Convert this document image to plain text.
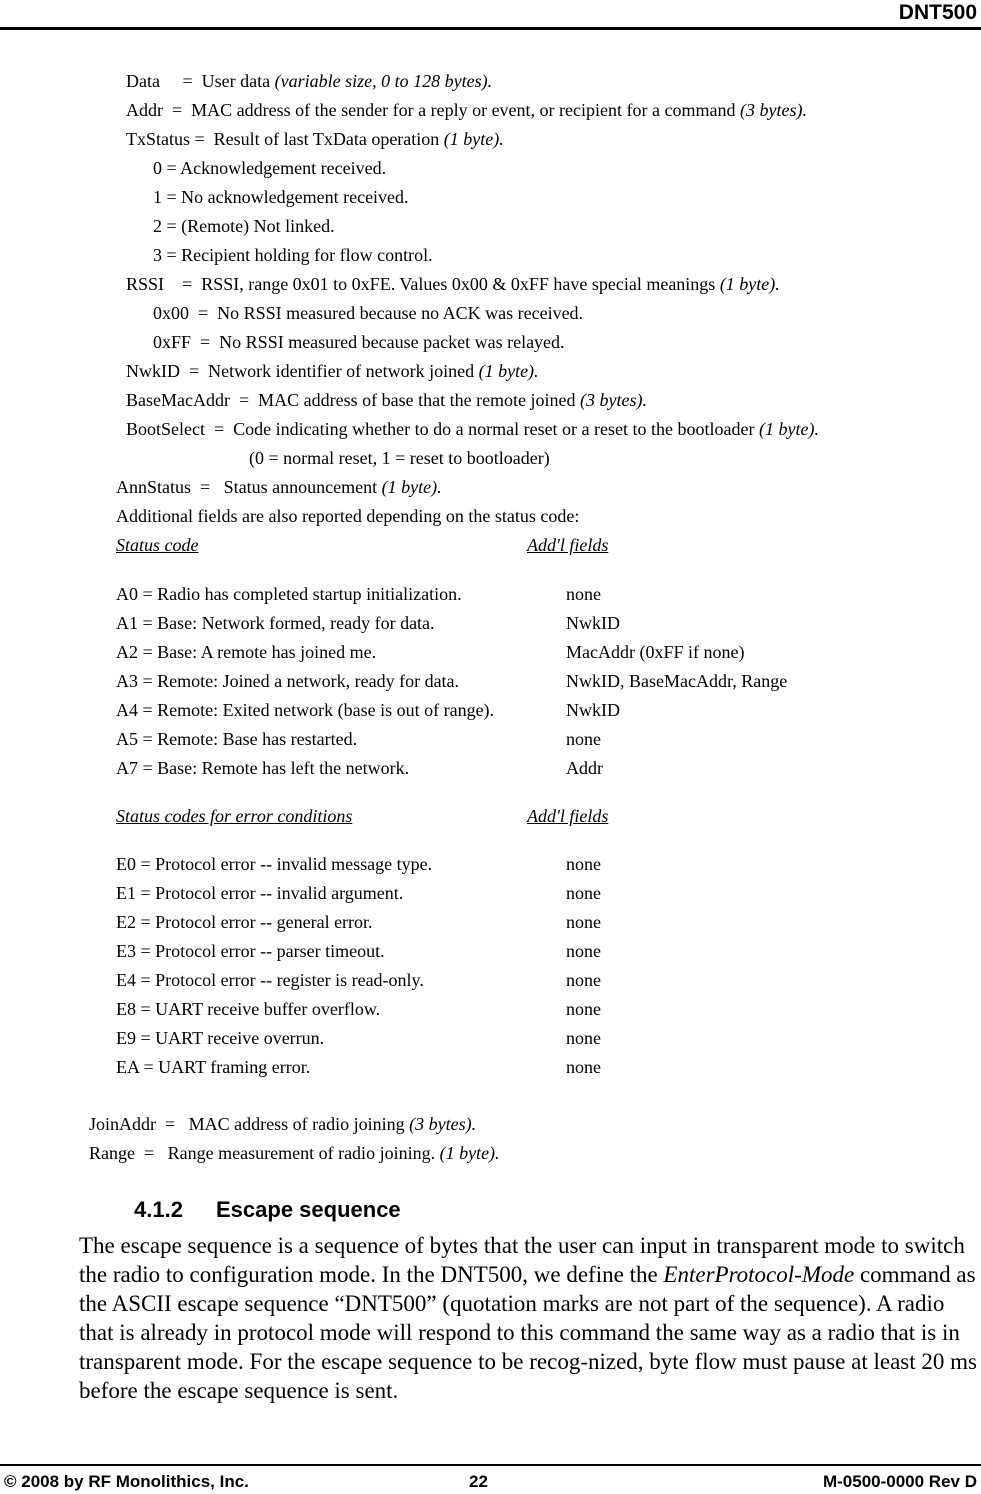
DNT500
Data     =  User data (variable size, 0 to 128 bytes).
Addr  =  MAC address of the sender for a reply or event, or recipient for a command (3 bytes).
TxStatus =  Result of last TxData operation (1 byte).
0 = Acknowledgement received.
1 = No acknowledgement received.
2 = (Remote) Not linked.
3 = Recipient holding for flow control.
RSSI    =  RSSI, range 0x01 to 0xFE. Values 0x00 & 0xFF have special meanings (1 byte).
0x00  =  No RSSI measured because no ACK was received.
0xFF  =  No RSSI measured because packet was relayed.
NwkID  =  Network identifier of network joined (1 byte).
BaseMacAddr  =  MAC address of base that the remote joined (3 bytes).
BootSelect  =  Code indicating whether to do a normal reset or a reset to the bootloader (1 byte).
(0 = normal reset, 1 = reset to bootloader)
AnnStatus  =   Status announcement (1 byte).
Additional fields are also reported depending on the status code:
Status code	Add'l fields
A0 = Radio has completed startup initialization.	none
A1 = Base: Network formed, ready for data.	NwkID
A2 = Base: A remote has joined me.	MacAddr (0xFF if none)
A3 = Remote: Joined a network, ready for data.	NwkID, BaseMacAddr, Range
A4 = Remote: Exited network (base is out of range).	NwkID
A5 = Remote: Base has restarted.	none
A7 = Base: Remote has left the network.	Addr
Status codes for error conditions	Add'l fields
E0 = Protocol error -- invalid message type.	none
E1 = Protocol error -- invalid argument.	none
E2 = Protocol error -- general error.	none
E3 = Protocol error -- parser timeout.	none
E4 = Protocol error -- register is read-only.	none
E8 = UART receive buffer overflow.	none
E9 = UART receive overrun.	none
EA = UART framing error.	none
JoinAddr  =   MAC address of radio joining (3 bytes).
Range  =   Range measurement of radio joining. (1 byte).
4.1.2 Escape sequence
The escape sequence is a sequence of bytes that the user can input in transparent mode to switch the radio to configuration mode. In the DNT500, we define the EnterProtocol-Mode command as the ASCII escape sequence “DNT500” (quotation marks are not part of the sequence). A radio that is already in protocol mode will respond to this command the same way as a radio that is in transparent mode. For the escape sequence to be recog-nized, byte flow must pause at least 20 ms before the escape sequence is sent.
© 2008 by RF Monolithics, Inc.	22	M-0500-0000 Rev D
